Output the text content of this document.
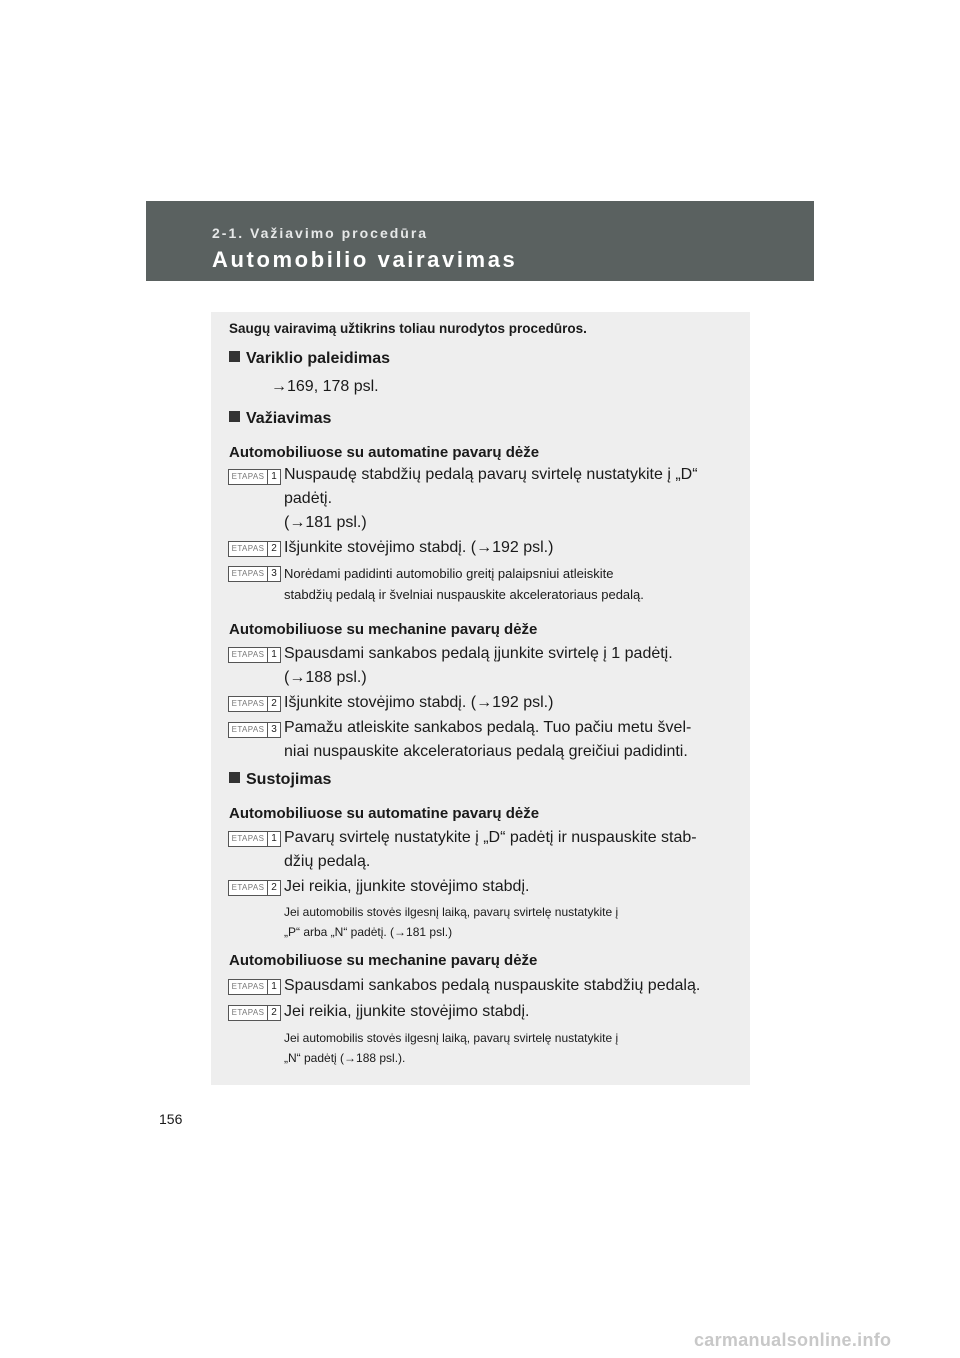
2-1. Važiavimo procedūra
Automobilio vairavimas
Saugų vairavimą užtikrins toliau nurodytos procedūros.
Variklio paleidimas
→169, 178 psl.
Važiavimas
Automobiliuose su automatine pavarų dėže
ETAPAS 1 Nuspaudę stabdžių pedalą pavarų svirtelę nustatykite į „D“
padėtį.
(→181 psl.)
ETAPAS 2 Išjunkite stovėjimo stabdį. (→192 psl.)
ETAPAS 3 Norėdami padidinti automobilio greitį palaipsniui atleiskite
stabdžių pedalą ir švelniai nuspauskite akceleratoriaus pedalą.
Automobiliuose su mechanine pavarų dėže
ETAPAS 1 Spausdami sankabos pedalą įjunkite svirtelę į 1 padėtį.
(→188 psl.)
ETAPAS 2 Išjunkite stovėjimo stabdį. (→192 psl.)
ETAPAS 3 Pamažu atleiskite sankabos pedalą. Tuo pačiu metu švel-
niai nuspauskite akceleratoriaus pedalą greičiui padidinti.
Sustojimas
Automobiliuose su automatine pavarų dėže
ETAPAS 1 Pavarų svirtelę nustatykite į „D“ padėtį ir nuspauskite stab-
džių pedalą.
ETAPAS 2 Jei reikia, įjunkite stovėjimo stabdį.
Jei automobilis stovės ilgesnį laiką, pavarų svirtelę nustatykite į
„P“ arba „N“ padėtį. (→181 psl.)
Automobiliuose su mechanine pavarų dėže
ETAPAS 1 Spausdami sankabos pedalą nuspauskite stabdžių pedalą.
ETAPAS 2 Jei reikia, įjunkite stovėjimo stabdį.
Jei automobilis stovės ilgesnį laiką, pavarų svirtelę nustatykite į
„N“ padėtį (→188 psl.).
156
carmanualsonline.info
